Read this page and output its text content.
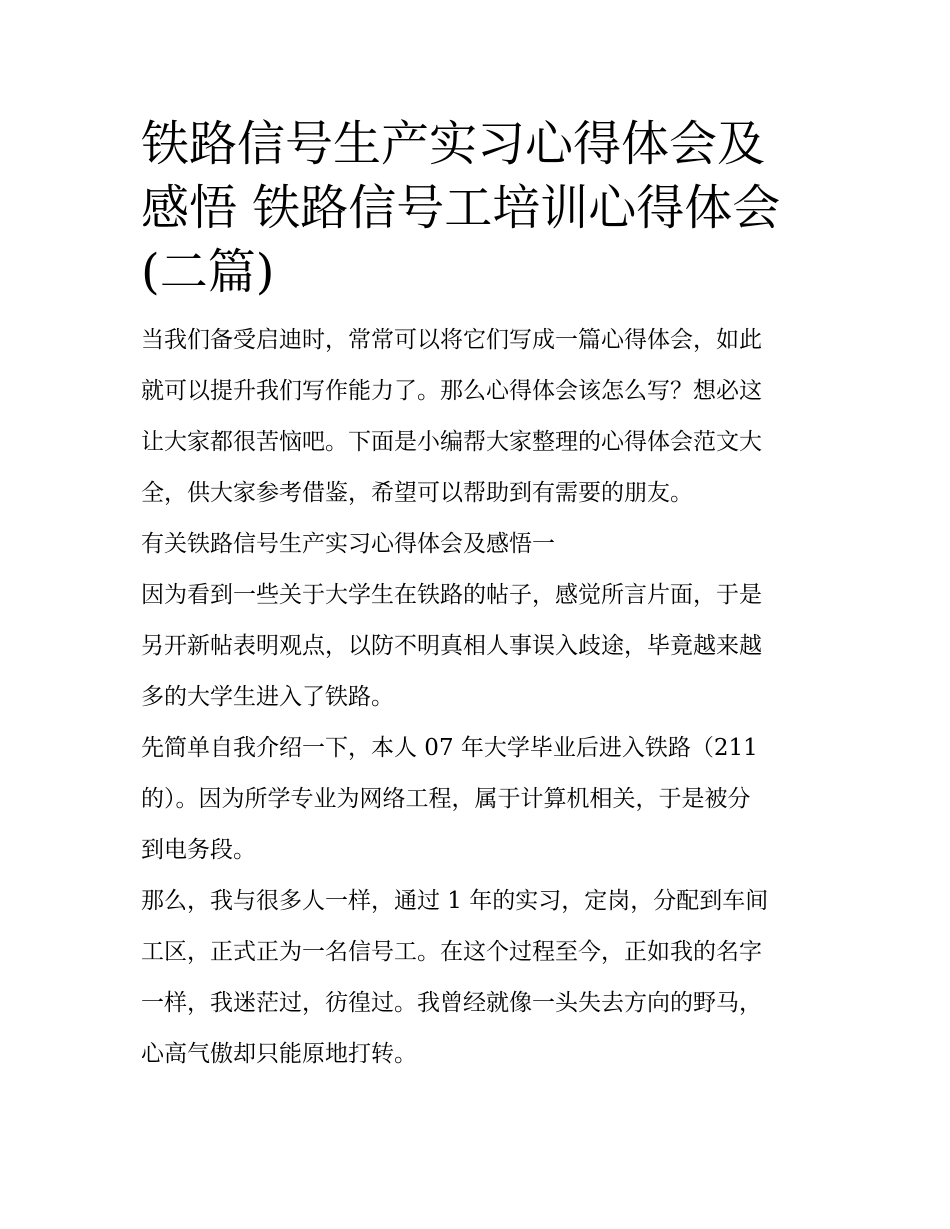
铁路信号生产实习心得体会及
感悟 铁路信号工培训心得体会
(二篇)

当我们备受启迪时，常常可以将它们写成一篇心得体会，如此
就可以提升我们写作能力了。那么心得体会该怎么写？想必这
让大家都很苦恼吧。下面是小编帮大家整理的心得体会范文大
全，供大家参考借鉴，希望可以帮助到有需要的朋友。

有关铁路信号生产实习心得体会及感悟一

因为看到一些关于大学生在铁路的帖子，感觉所言片面，于是
另开新帖表明观点，以防不明真相人事误入歧途，毕竟越来越
多的大学生进入了铁路。

先简单自我介绍一下，本人 07 年大学毕业后进入铁路（211
的）。因为所学专业为网络工程，属于计算机相关，于是被分
到电务段。

那么，我与很多人一样，通过 1 年的实习，定岗，分配到车间
工区，正式正为一名信号工。在这个过程至今，正如我的名字
一样，我迷茫过，彷徨过。我曾经就像一头失去方向的野马，
心高气傲却只能原地打转。
